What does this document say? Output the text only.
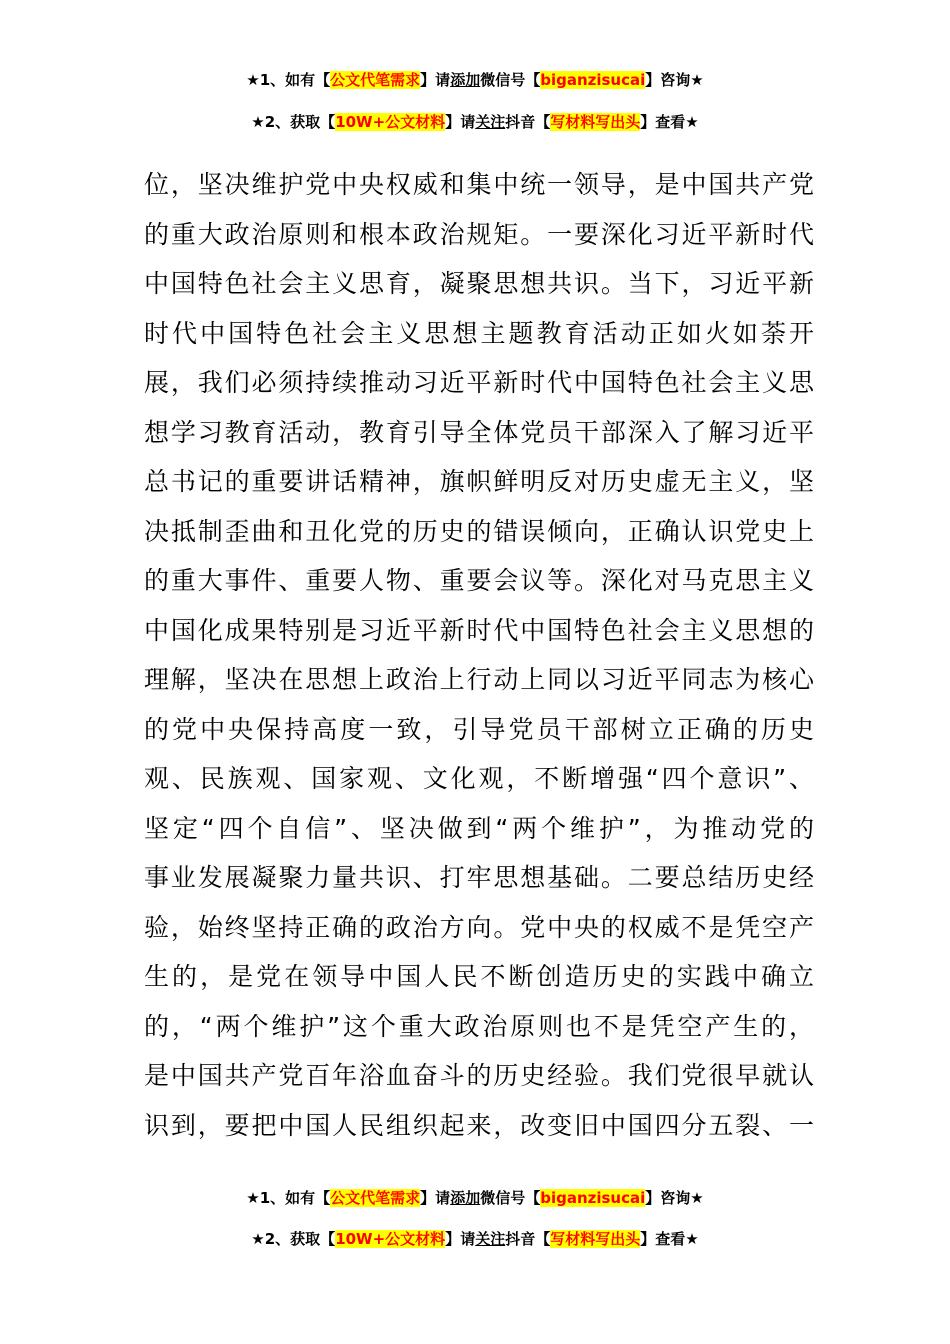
★1、如有【公文代笔需求】请添加微信号【biganzisucai】咨询★
★2、获取【10W+公文材料】请关注抖音【写材料写出头】查看★
位，坚决维护党中央权威和集中统一领导，是中国共产党
的重大政治原则和根本政治规矩。一要深化习近平新时代
中国特色社会主义思育，凝聚思想共识。当下，习近平新
时代中国特色社会主义思想主题教育活动正如火如荼开
展，我们必须持续推动习近平新时代中国特色社会主义思
想学习教育活动，教育引导全体党员干部深入了解习近平
总书记的重要讲话精神，旗帜鲜明反对历史虚无主义，坚
决抵制歪曲和丑化党的历史的错误倾向，正确认识党史上
的重大事件、重要人物、重要会议等。深化对马克思主义
中国化成果特别是习近平新时代中国特色社会主义思想的
理解，坚决在思想上政治上行动上同以习近平同志为核心
的党中央保持高度一致，引导党员干部树立正确的历史
观、民族观、国家观、文化观，不断增强“四个意识”、
坚定“四个自信”、坚决做到“两个维护”，为推动党的
事业发展凝聚力量共识、打牢思想基础。二要总结历史经
验，始终坚持正确的政治方向。党中央的权威不是凭空产
生的，是党在领导中国人民不断创造历史的实践中确立
的，“两个维护”这个重大政治原则也不是凭空产生的，
是中国共产党百年浴血奋斗的历史经验。我们党很早就认
识到，要把中国人民组织起来，改变旧中国四分五裂、一
★1、如有【公文代笔需求】请添加微信号【biganzisucai】咨询★
★2、获取【10W+公文材料】请关注抖音【写材料写出头】查看★
